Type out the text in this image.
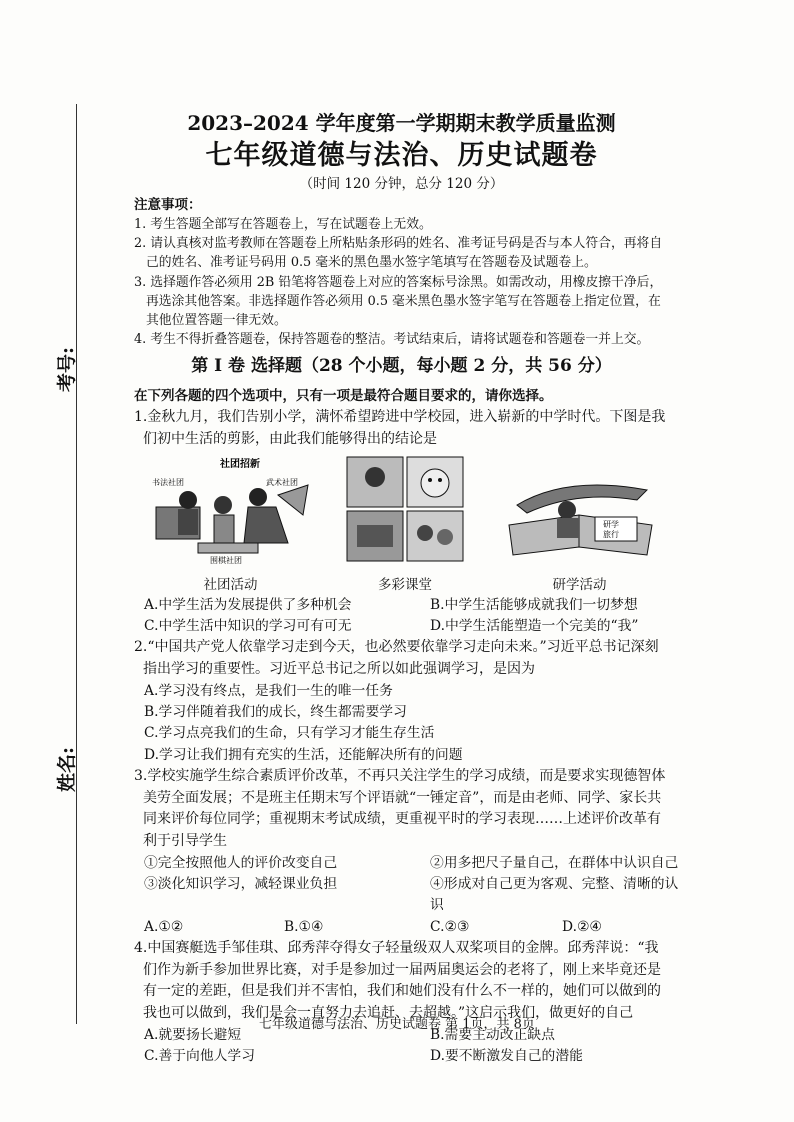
考号:
姓名:
2023–2024 学年度第一学期期末教学质量监测
七年级道德与法治、历史试题卷
（时间 120 分钟，总分 120 分）
注意事项：
1. 考生答题全部写在答题卷上，写在试题卷上无效。
2. 请认真核对监考教师在答题卷上所粘贴条形码的姓名、准考证号码是否与本人符合，再将自己的姓名、准考证号码用 0.5 毫米的黑色墨水签字笔填写在答题卷及试题卷上。
3. 选择题作答必须用 2B 铅笔将答题卷上对应的答案标号涂黑。如需改动，用橡皮擦干净后，再选涂其他答案。非选择题作答必须用 0.5 毫米黑色墨水签字笔写在答题卷上指定位置，在其他位置答题一律无效。
4. 考生不得折叠答题卷，保持答题卷的整洁。考试结束后，请将试题卷和答题卷一并上交。
第 I 卷 选择题（28 个小题，每小题 2 分，共 56 分）
在下列各题的四个选项中，只有一项是最符合题目要求的，请你选择。
1.金秋九月，我们告别小学，满怀希望跨进中学校园，进入崭新的中学时代。下图是我们初中生活的剪影，由此我们能够得出的结论是
社团招新
书法社团	武术社团
围棋社团
社团活动	多彩课堂
研学
旅行
研学活动
A.中学生活为发展提供了多种机会	B.中学生活能够成就我们一切梦想
C.中学生活中知识的学习可有可无	D.中学生活能塑造一个完美的“我”
2.“中国共产党人依靠学习走到今天，也必然要依靠学习走向未来。”习近平总书记深刻指出学习的重要性。习近平总书记之所以如此强调学习，是因为
A.学习没有终点，是我们一生的唯一任务
B.学习伴随着我们的成长，终生都需要学习
C.学习点亮我们的生命，只有学习才能生存生活
D.学习让我们拥有充实的生活，还能解决所有的问题
3.学校实施学生综合素质评价改革，不再只关注学生的学习成绩，而是要求实现德智体美劳全面发展；不是班主任期末写个评语就“一锤定音”，而是由老师、同学、家长共同来评价每位同学；重视期末考试成绩，更重视平时的学习表现……上述评价改革有利于引导学生
①完全按照他人的评价改变自己	②用多把尺子量自己，在群体中认识自己
③淡化知识学习，减轻课业负担	④形成对自己更为客观、完整、清晰的认识
A.①②	B.①④	C.②③	D.②④
4.中国赛艇选手邹佳琪、邱秀萍夺得女子轻量级双人双桨项目的金牌。邱秀萍说：“我们作为新手参加世界比赛，对手是参加过一届两届奥运会的老将了，刚上来毕竟还是有一定的差距，但是我们并不害怕，我们和她们没有什么不一样的，她们可以做到的我也可以做到，我们是会一直努力去追赶、去超越。”这启示我们，做更好的自己
A.就要扬长避短	B.需要主动改正缺点
C.善于向他人学习	D.要不断激发自己的潜能
七年级道德与法治、历史试题卷 第 1页，共 8页
